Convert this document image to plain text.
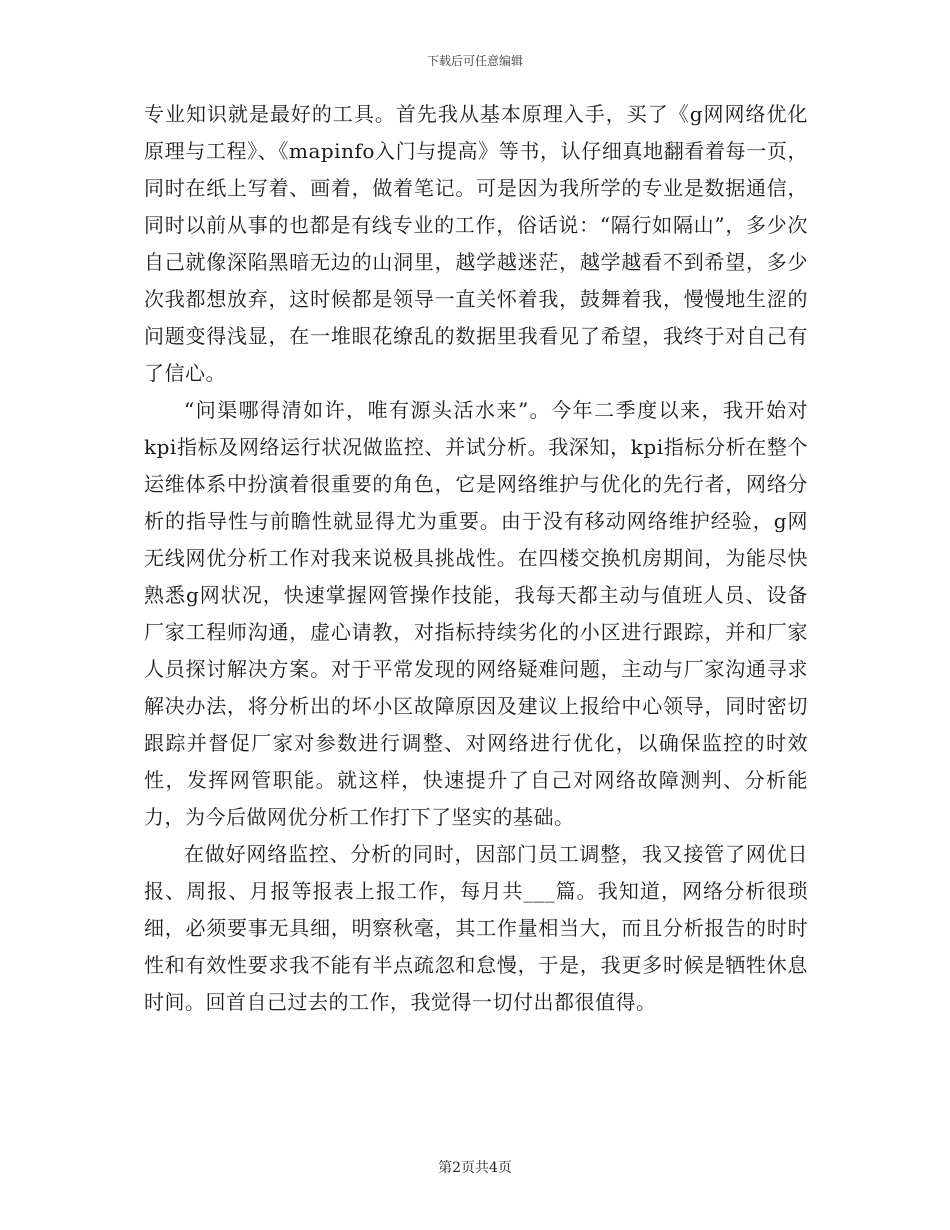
下载后可任意编辑

专业知识就是最好的工具。首先我从基本原理入手，买了《g网网络优化原理与工程》、《mapinfo入门与提高》等书，认仔细真地翻看着每一页，同时在纸上写着、画着，做着笔记。可是因为我所学的专业是数据通信，同时以前从事的也都是有线专业的工作，俗话说：“隔行如隔山”，多少次自己就像深陷黑暗无边的山洞里，越学越迷茫，越学越看不到希望，多少次我都想放弃，这时候都是领导一直关怀着我，鼓舞着我，慢慢地生涩的问题变得浅显，在一堆眼花缭乱的数据里我看见了希望，我终于对自己有了信心。

“问渠哪得清如许，唯有源头活水来”。今年二季度以来，我开始对kpi指标及网络运行状况做监控、并试分析。我深知，kpi指标分析在整个运维体系中扮演着很重要的角色，它是网络维护与优化的先行者，网络分析的指导性与前瞻性就显得尤为重要。由于没有移动网络维护经验，g网无线网优分析工作对我来说极具挑战性。在四楼交换机房期间，为能尽快熟悉g网状况，快速掌握网管操作技能，我每天都主动与值班人员、设备厂家工程师沟通，虚心请教，对指标持续劣化的小区进行跟踪，并和厂家人员探讨解决方案。对于平常发现的网络疑难问题，主动与厂家沟通寻求解决办法，将分析出的坏小区故障原因及建议上报给中心领导，同时密切跟踪并督促厂家对参数进行调整、对网络进行优化，以确保监控的时效性，发挥网管职能。就这样，快速提升了自己对网络故障测判、分析能力，为今后做网优分析工作打下了坚实的基础。

在做好网络监控、分析的同时，因部门员工调整，我又接管了网优日报、周报、月报等报表上报工作，每月共___篇。我知道，网络分析很琐细，必须要事无具细，明察秋毫，其工作量相当大，而且分析报告的时时性和有效性要求我不能有半点疏忽和怠慢，于是，我更多时候是牺牲休息时间。回首自己过去的工作，我觉得一切付出都很值得。

第2页共4页
